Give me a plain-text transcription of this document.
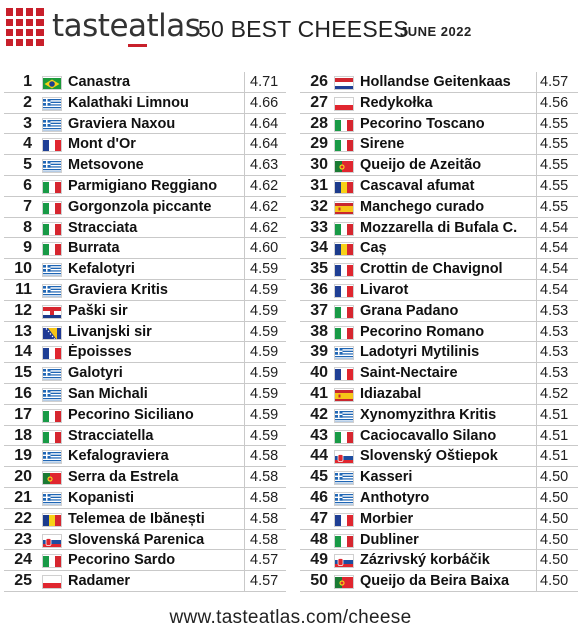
tasteatlas
50 BEST CHEESES
JUNE 2022
1 Canastra	4.71
2 Kalathaki Limnou	4.66
3 Graviera Naxou	4.64
4 Mont d'Or	4.64
5 Metsovone	4.63
6 Parmigiano Reggiano	4.62
7 Gorgonzola piccante	4.62
8 Stracciata	4.62
9 Burrata	4.60
10 Kefalotyri	4.59
11 Graviera Kritis	4.59
12 Paški sir	4.59
13 Livanjski sir	4.59
14 Époisses	4.59
15 Galotyri	4.59
16 San Michali	4.59
17 Pecorino Siciliano	4.59
18 Stracciatella	4.59
19 Kefalograviera	4.58
20 Serra da Estrela	4.58
21 Kopanisti	4.58
22 Telemea de Ibănești	4.58
23 Slovenská Parenica	4.58
24 Pecorino Sardo	4.57
25 Radamer	4.57
26 Hollandse Geitenkaas	4.57
27 Redykołka	4.56
28 Pecorino Toscano	4.55
29 Sirene	4.55
30 Queijo de Azeitão	4.55
31 Cascaval afumat	4.55
32 Manchego curado	4.55
33 Mozzarella di Bufala C.	4.54
34 Caș	4.54
35 Crottin de Chavignol	4.54
36 Livarot	4.54
37 Grana Padano	4.53
38 Pecorino Romano	4.53
39 Ladotyri Mytilinis	4.53
40 Saint-Nectaire	4.53
41 Idiazabal	4.52
42 Xynomyzithra Kritis	4.51
43 Caciocavallo Silano	4.51
44 Slovenský Oštiepok	4.51
45 Kasseri	4.50
46 Anthotyro	4.50
47 Morbier	4.50
48 Dubliner	4.50
49 Zázrivský korbáčik	4.50
50 Queijo da Beira Baixa	4.50
www.tasteatlas.com/cheese
